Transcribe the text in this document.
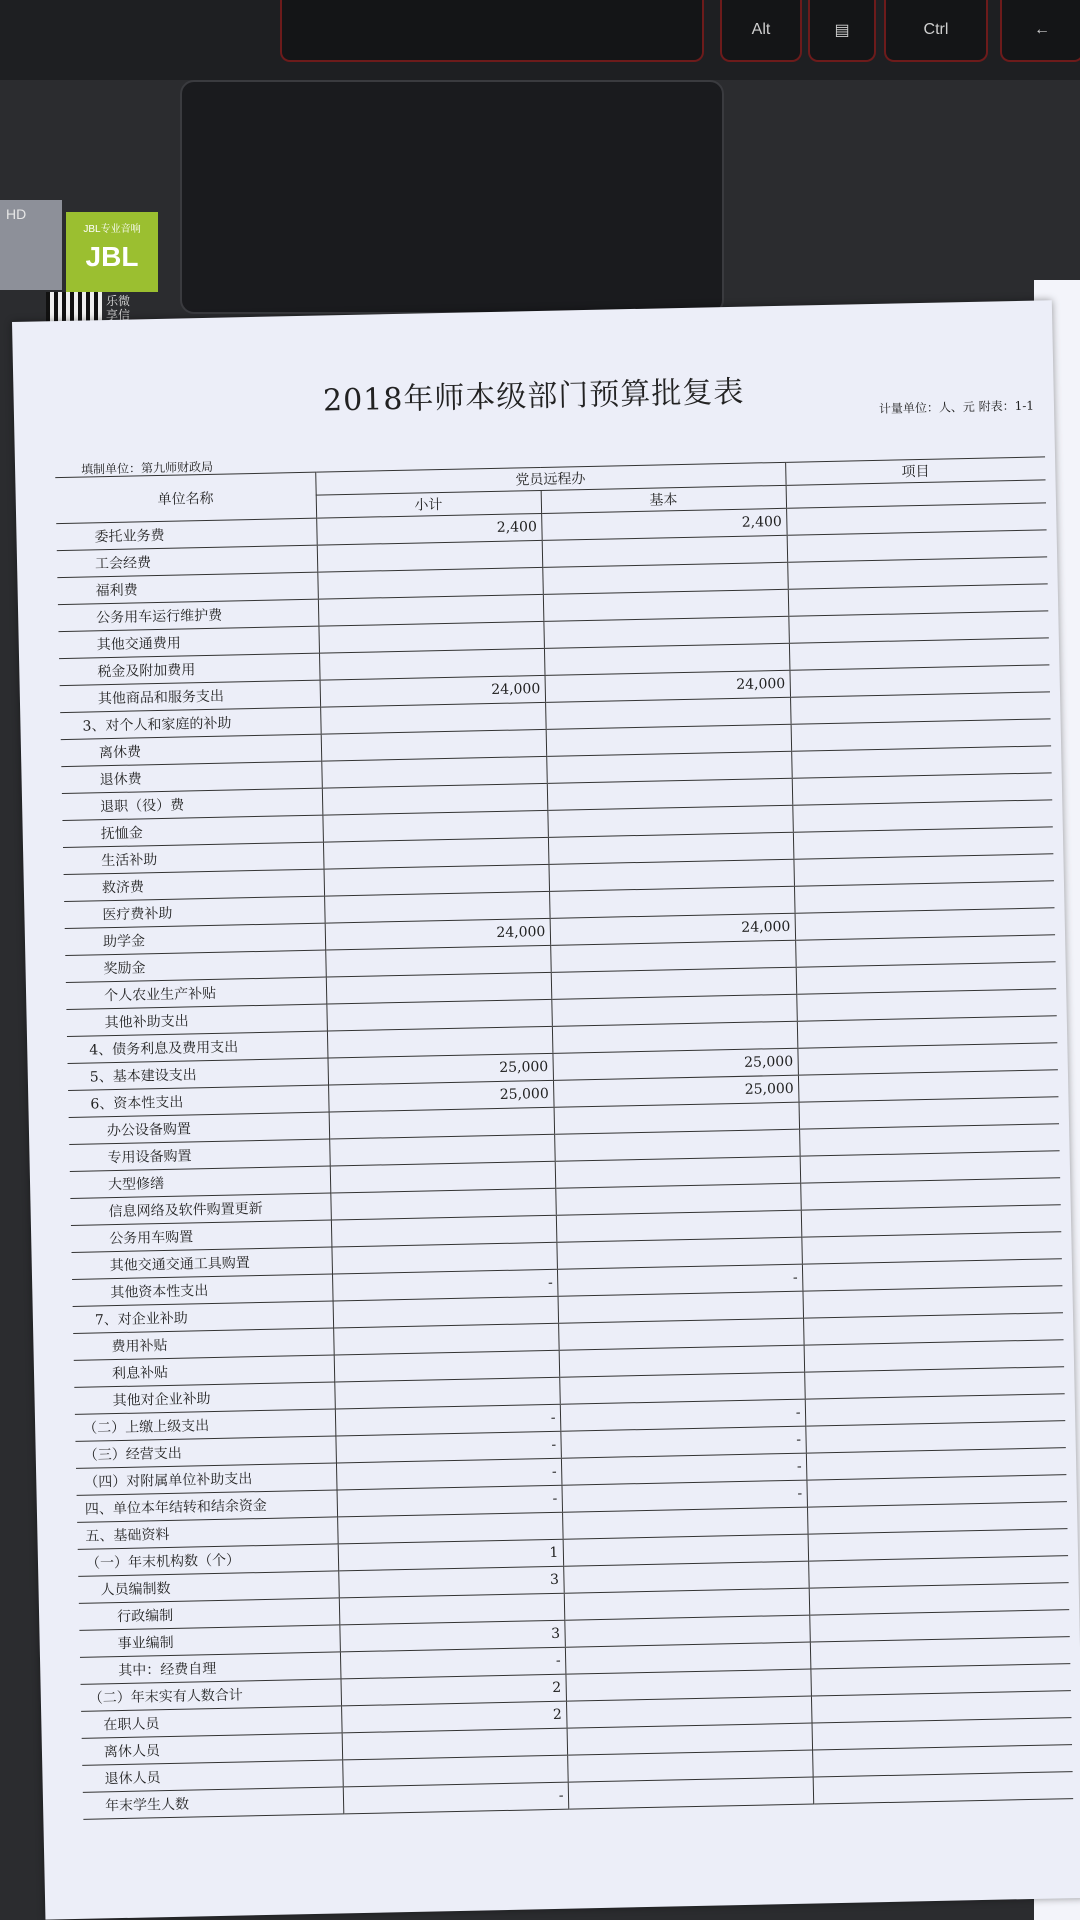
Alt	▤	Ctrl	←
HD
JBL专业音响
JBL
乐微
享信
2018年师本级部门预算批复表	计量单位：人、元 附表：1-1
填制单位：第九师财政局
单位名称	党员远程办		项目
	小计	基本	
委托业务费	2,400	2,400	
工会经费			
福利费			
公务用车运行维护费			
其他交通费用			
税金及附加费用			
其他商品和服务支出	24,000	24,000	
3、对个人和家庭的补助			
离休费			
退休费			
退职（役）费			
抚恤金			
生活补助			
救济费			
医疗费补助			
助学金	24,000	24,000	
奖励金			
个人农业生产补贴			
其他补助支出			
4、债务利息及费用支出			
5、基本建设支出	25,000	25,000	
6、资本性支出	25,000	25,000	
办公设备购置			
专用设备购置			
大型修缮			
信息网络及软件购置更新			
公务用车购置			
其他交通交通工具购置			
其他资本性支出	-	-	
7、对企业补助			
费用补贴			
利息补贴			
其他对企业补助			
（二）上缴上级支出	-	-	
（三）经营支出	-	-	
（四）对附属单位补助支出	-	-	
四、单位本年结转和结余资金	-	-	
五、基础资料			
（一）年末机构数（个）	1		
人员编制数	3		
行政编制			
事业编制	3		
其中：经费自理	-		
（二）年末实有人数合计	2		
在职人员	2		
离休人员			
退休人员			
年末学生人数	-		
